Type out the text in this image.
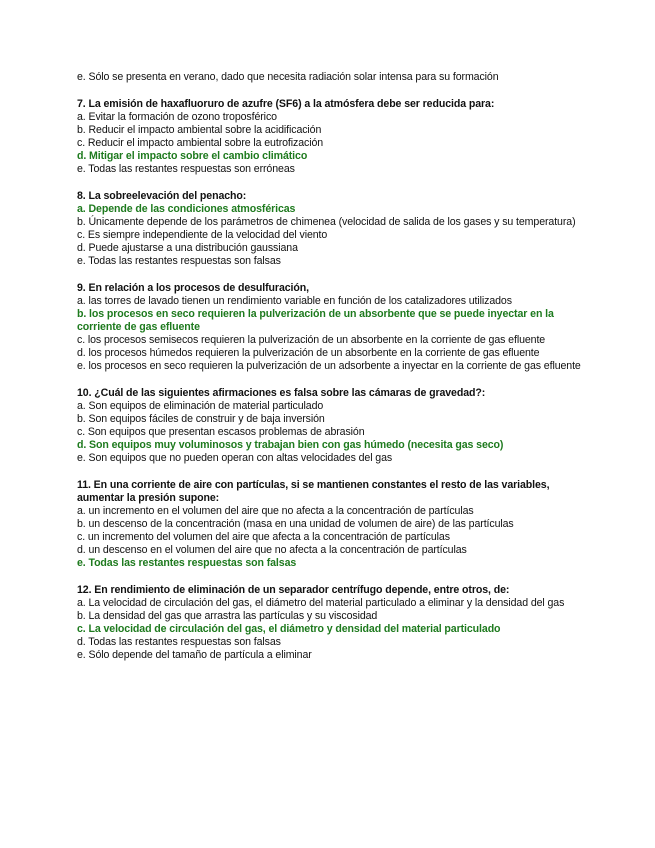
e. Sólo se presenta en verano, dado que necesita radiación solar intensa para su formación
7. La emisión de haxafluoruro de azufre (SF6) a la atmósfera debe ser reducida para:
a. Evitar la formación de ozono troposférico
b. Reducir el impacto ambiental sobre la acidificación
c. Reducir el impacto ambiental sobre la eutrofización
d. Mitigar el impacto sobre el cambio climático
e. Todas las restantes respuestas son erróneas
8. La sobreelevación del penacho:
a. Depende de las condiciones atmosféricas
b. Únicamente depende de los parámetros de chimenea (velocidad de salida de los gases y su temperatura)
c. Es siempre independiente de la velocidad del viento
d. Puede ajustarse a una distribución gaussiana
e. Todas las restantes respuestas son falsas
9. En relación a los procesos de desulfuración,
a. las torres de lavado tienen un rendimiento variable en función de los catalizadores utilizados
b. los procesos en seco requieren la pulverización de un absorbente que se puede inyectar en la corriente de gas efluente
c. los procesos semisecos requieren la pulverización de un absorbente en la corriente de gas efluente
d. los procesos húmedos requieren la pulverización de un absorbente en la corriente de gas efluente
e. los procesos en seco requieren la pulverización de un adsorbente a inyectar en la corriente de gas efluente
10. ¿Cuál de las siguientes afirmaciones es falsa sobre las cámaras de gravedad?:
a. Son equipos de eliminación de material particulado
b. Son equipos fáciles de construir y de baja inversión
c. Son equipos que presentan escasos problemas de abrasión
d. Son equipos muy voluminosos y trabajan bien con gas húmedo (necesita gas seco)
e. Son equipos que no pueden operan con altas velocidades del gas
11. En una corriente de aire con partículas, si se mantienen constantes el resto de las variables, aumentar la presión supone:
a. un incremento en el volumen del aire que no afecta a la concentración de partículas
b. un descenso de la concentración (masa en una unidad de volumen de aire) de las partículas
c. un incremento del volumen del aire que afecta a la concentración de partículas
d. un descenso en el volumen del aire que no afecta a la concentración de partículas
e. Todas las restantes respuestas son falsas
12. En rendimiento de eliminación de un separador centrífugo depende, entre otros, de:
a. La velocidad de circulación del gas, el diámetro del material particulado a eliminar y la densidad del gas
b. La densidad del gas que arrastra las partículas y su viscosidad
c. La velocidad de circulación del gas, el diámetro y densidad del material particulado
d. Todas las restantes respuestas son falsas
e. Sólo depende del tamaño de partícula a eliminar
